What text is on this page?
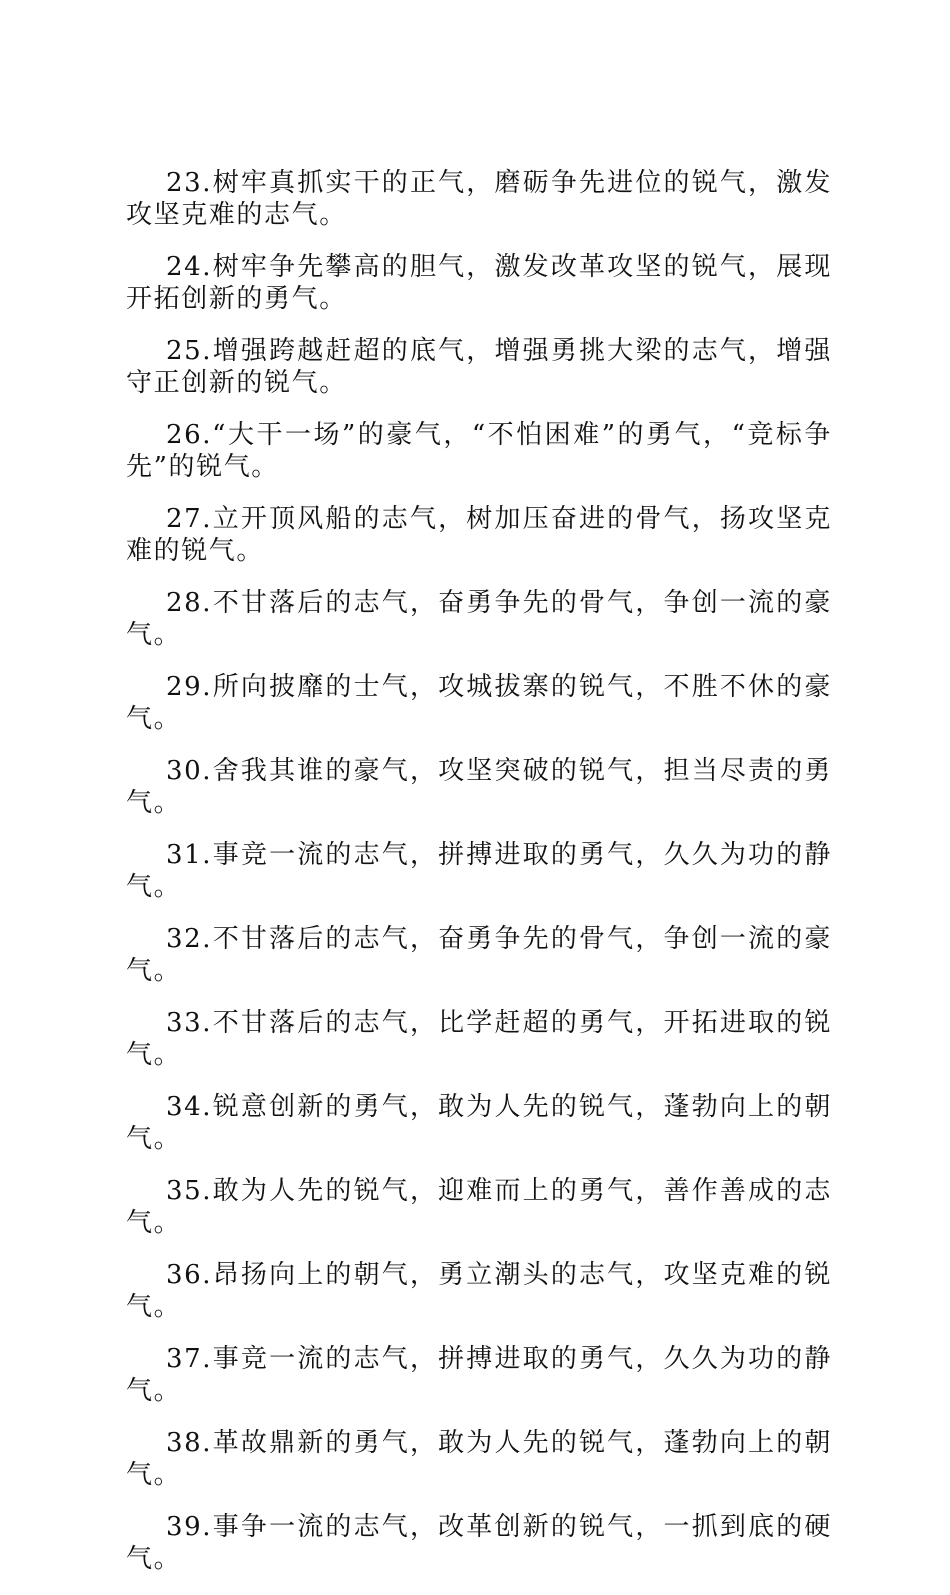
23.树牢真抓实干的正气，磨砺争先进位的锐气，激发攻坚克难的志气。

24.树牢争先攀高的胆气，激发改革攻坚的锐气，展现开拓创新的勇气。

25.增强跨越赶超的底气，增强勇挑大梁的志气，增强守正创新的锐气。

26.“大干一场”的豪气，“不怕困难”的勇气，“竞标争先”的锐气。

27.立开顶风船的志气，树加压奋进的骨气，扬攻坚克难的锐气。

28.不甘落后的志气，奋勇争先的骨气，争创一流的豪气。

29.所向披靡的士气，攻城拔寨的锐气，不胜不休的豪气。

30.舍我其谁的豪气，攻坚突破的锐气，担当尽责的勇气。

31.事竞一流的志气，拼搏进取的勇气，久久为功的静气。

32.不甘落后的志气，奋勇争先的骨气，争创一流的豪气。

33.不甘落后的志气，比学赶超的勇气，开拓进取的锐气。

34.锐意创新的勇气，敢为人先的锐气，蓬勃向上的朝气。

35.敢为人先的锐气，迎难而上的勇气，善作善成的志气。

36.昂扬向上的朝气，勇立潮头的志气，攻坚克难的锐气。

37.事竞一流的志气，拼搏进取的勇气，久久为功的静气。

38.革故鼎新的勇气，敢为人先的锐气，蓬勃向上的朝气。

39.事争一流的志气，改革创新的锐气，一抓到底的硬气。
